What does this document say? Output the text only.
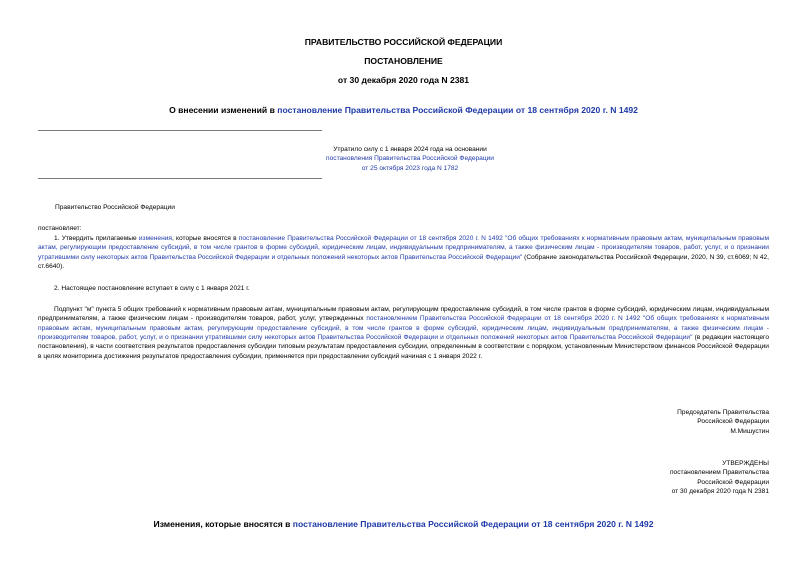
ПРАВИТЕЛЬСТВО РОССИЙСКОЙ ФЕДЕРАЦИИ
ПОСТАНОВЛЕНИЕ
от 30 декабря 2020 года N 2381
О внесении изменений в постановление Правительства Российской Федерации от 18 сентября 2020 г. N 1492
Утратило силу с 1 января 2024 года на основании
постановления Правительства Российской Федерации
от 25 октября 2023 года N 1782
Правительство Российской Федерации
постановляет:
1. Утвердить прилагаемые изменения, которые вносятся в постановление Правительства Российской Федерации от 18 сентября 2020 г. N 1492 "Об общих требованиях к нормативным правовым актам, муниципальным правовым актам, регулирующим предоставление субсидий, в том числе грантов в форме субсидий, юридическим лицам, индивидуальным предпринимателям, а также физическим лицам - производителям товаров, работ, услуг, и о признании утратившими силу некоторых актов Правительства Российской Федерации и отдельных положений некоторых актов Правительства Российской Федерации" (Собрание законодательства Российской Федерации, 2020, N 39, ст.6069; N 42, ст.6640).
2. Настоящее постановление вступает в силу с 1 января 2021 г.
Подпункт "м" пункта 5 общих требований к нормативным правовым актам, муниципальным правовым актам, регулирующим предоставление субсидий, в том числе грантов в форме субсидий, юридическим лицам, индивидуальным предпринимателям, а также физическим лицам - производителям товаров, работ, услуг, утвержденных постановлением Правительства Российской Федерации от 18 сентября 2020 г. N 1492 "Об общих требованиях к нормативным правовым актам, муниципальным правовым актам, регулирующим предоставление субсидий, в том числе грантов в форме субсидий, юридическим лицам, индивидуальным предпринимателям, а также физическим лицам - производителям товаров, работ, услуг, и о признании утратившими силу некоторых актов Правительства Российской Федерации и отдельных положений некоторых актов Правительства Российской Федерации" (в редакции настоящего постановления), в части соответствия результатов предоставления субсидии типовым результатам предоставления субсидии, определенным в соответствии с порядком, установленным Министерством финансов Российской Федерации в целях мониторинга достижения результатов предоставления субсидии, применяется при предоставлении субсидий начиная с 1 января 2022 г.
Председатель Правительства
Российской Федерации
М.Мишустин
УТВЕРЖДЕНЫ
постановлением Правительства
Российской Федерации
от 30 декабря 2020 года N 2381
Изменения, которые вносятся в постановление Правительства Российской Федерации от 18 сентября 2020 г. N 1492
